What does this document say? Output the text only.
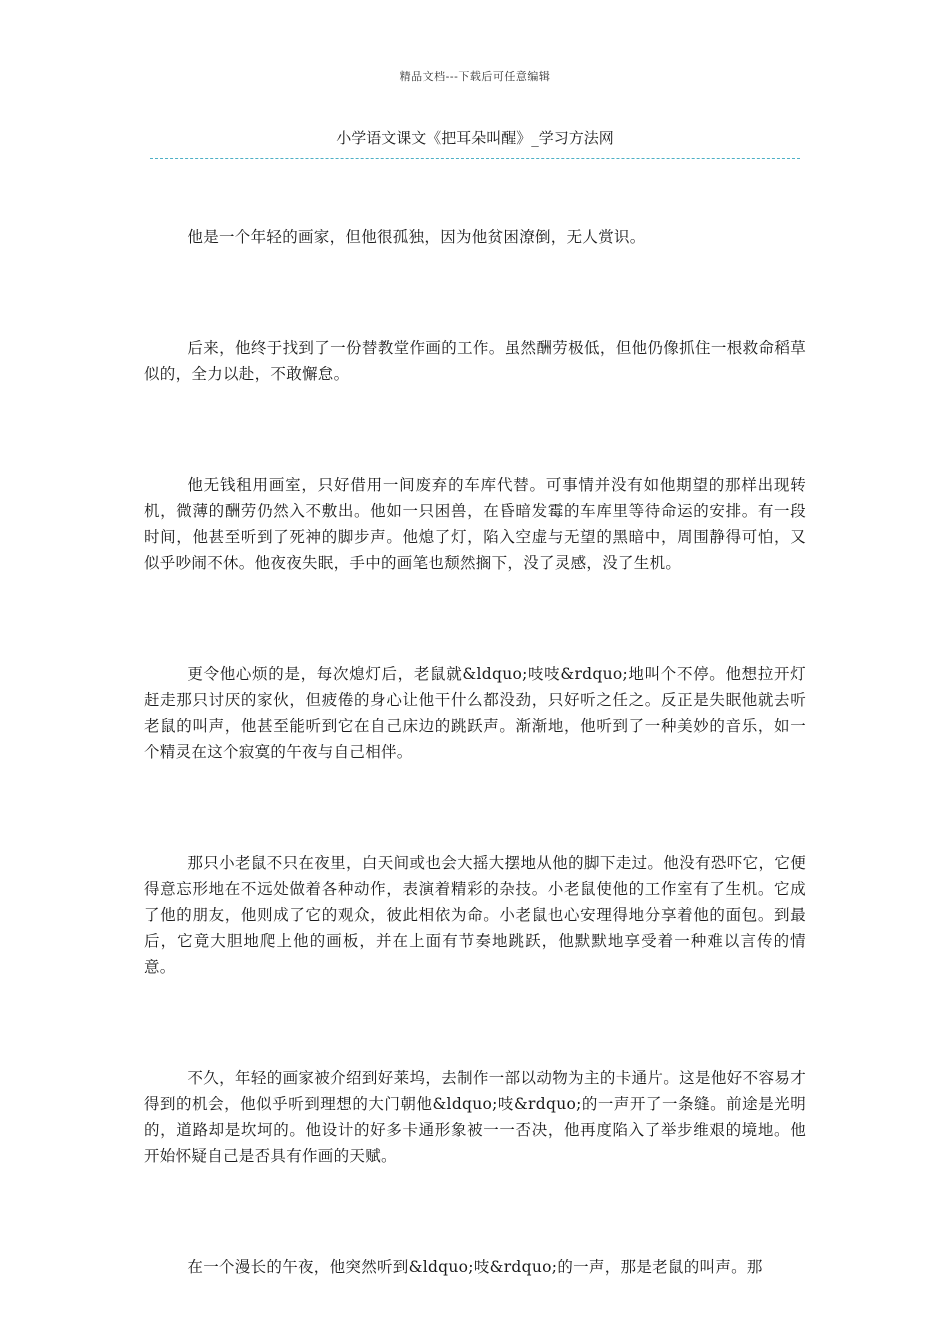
精品文档---下载后可任意编辑
小学语文课文《把耳朵叫醒》_学习方法网

他是一个年轻的画家，但他很孤独，因为他贫困潦倒，无人赏识。

后来，他终于找到了一份替教堂作画的工作。虽然酬劳极低，但他仍像抓住一根救命稻草似的，全力以赴，不敢懈怠。

他无钱租用画室，只好借用一间废弃的车库代替。可事情并没有如他期望的那样出现转机，微薄的酬劳仍然入不敷出。他如一只困兽，在昏暗发霉的车库里等待命运的安排。有一段时间，他甚至听到了死神的脚步声。他熄了灯，陷入空虚与无望的黑暗中，周围静得可怕，又似乎吵闹不休。他夜夜失眠，手中的画笔也颓然搁下，没了灵感，没了生机。

更令他心烦的是，每次熄灯后，老鼠就&ldquo;吱吱&rdquo;地叫个不停。他想拉开灯赶走那只讨厌的家伙，但疲倦的身心让他干什么都没劲，只好听之任之。反正是失眠他就去听老鼠的叫声，他甚至能听到它在自己床边的跳跃声。渐渐地，他听到了一种美妙的音乐，如一个精灵在这个寂寞的午夜与自己相伴。

那只小老鼠不只在夜里，白天间或也会大摇大摆地从他的脚下走过。他没有恐吓它，它便得意忘形地在不远处做着各种动作，表演着精彩的杂技。小老鼠使他的工作室有了生机。它成了他的朋友，他则成了它的观众，彼此相依为命。小老鼠也心安理得地分享着他的面包。到最后，它竟大胆地爬上他的画板，并在上面有节奏地跳跃，他默默地享受着一种难以言传的情意。

不久，年轻的画家被介绍到好莱坞，去制作一部以动物为主的卡通片。这是他好不容易才得到的机会，他似乎听到理想的大门朝他&ldquo;吱&rdquo;的一声开了一条缝。前途是光明的，道路却是坎坷的。他设计的好多卡通形象被一一否决，他再度陷入了举步维艰的境地。他开始怀疑自己是否具有作画的天赋。

在一个漫长的午夜，他突然听到&ldquo;吱&rdquo;的一声，那是老鼠的叫声。那
